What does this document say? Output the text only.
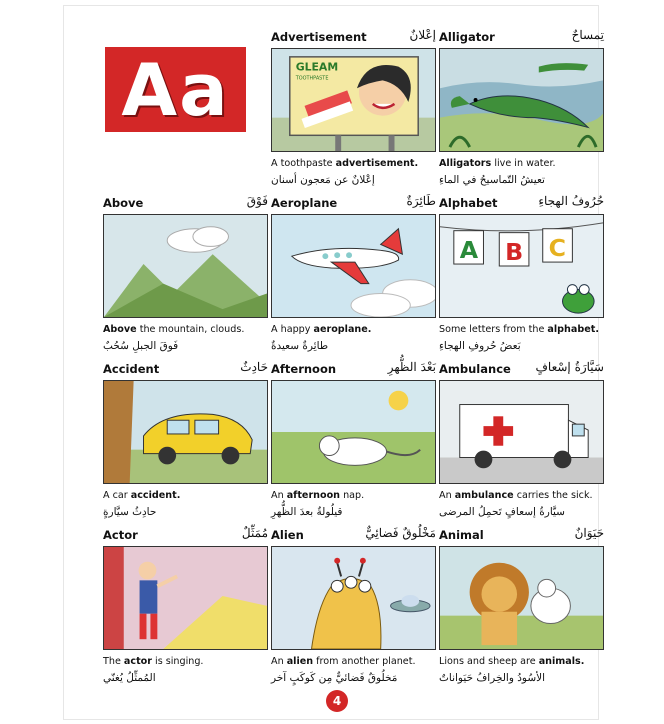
Aa
Advertisement	إعْلانٌ
GLEAM
TOOTHPASTE
A toothpaste advertisement.
إعْلانٌ عن مَعجون أسنان
Alligator	تِمساحٌ
Alligators live in water.
تعيشُ التّماسيحُ في الماءِ
Above	فَوْقَ
Above the mountain, clouds.
فَوقَ الجبلِ سُحُبٌ
Aeroplane	طَائِرَةٌ
A happy aeroplane.
طائِرةٌ سعيدةٌ
Alphabet	حُرُوفُ الهجاءِ
A B C
Some letters from the alphabet.
بَعضُ حُروفِ الهجاءِ
Accident	حَادِثٌ
A car accident.
حادِثُ سيَّارةٍ
Afternoon	بَعْدَ الظُّهرِ
An afternoon nap.
قيلُولةٌ بعدَ الظُّهرِ
Ambulance سَيَّارَةُ إسْعافٍ
An ambulance carries the sick.
سيَّارةُ إسعافٍ تَحمِلُ المرضى
Actor	مُمَثِّلٌ
The actor is singing.
المُمثِّلُ يُغنّي
Alien	مَخْلُوقٌ فَضائِيٌّ
An alien from another planet.
مَخلُوقٌ فَضائيٌّ مِن كَوكَبٍ آخر
Animal	حَيَوَانٌ
Lions and sheep are animals.
الأسُودُ والخِرافُ حَيَواناتٌ
4
